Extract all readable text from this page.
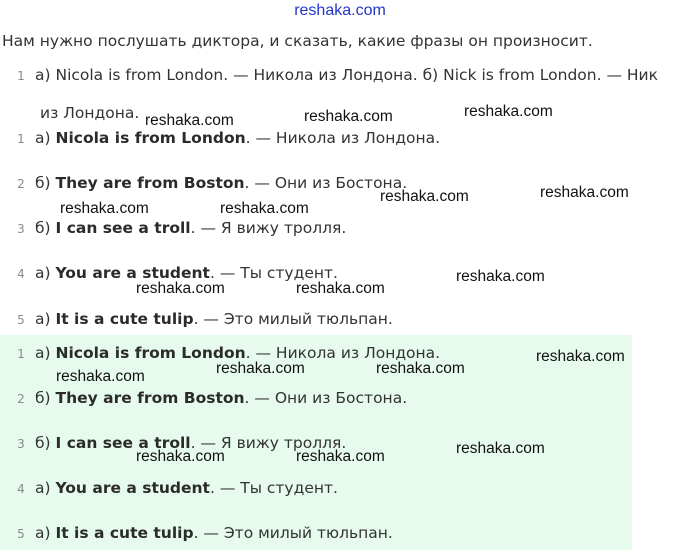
reshaka.com
Нам нужно послушать диктора, и сказать, какие фразы он произносит.
1 а) Nicola is from London. — Никола из Лондона. б) Nick is from London. — Ник
из Лондона.
1 а) Nicola is from London. — Никола из Лондона.
2 б) They are from Boston. — Они из Бостона.
3 б) I can see a troll. — Я вижу тролля.
4 а) You are a student. — Ты студент.
5 а) It is a cute tulip. — Это милый тюльпан.
1 а) Nicola is from London. — Никола из Лондона.
2 б) They are from Boston. — Они из Бостона.
3 б) I can see a troll. — Я вижу тролля.
4 а) You are a student. — Ты студент.
5 а) It is a cute tulip. — Это милый тюльпан.
reshaka.com	reshaka.com	reshaka.com
reshaka.com	reshaka.com
reshaka.com	reshaka.com
reshaka.com
reshaka.com	reshaka.com
reshaka.com
reshaka.com	reshaka.com
reshaka.com
reshaka.com
reshaka.com	reshaka.com
